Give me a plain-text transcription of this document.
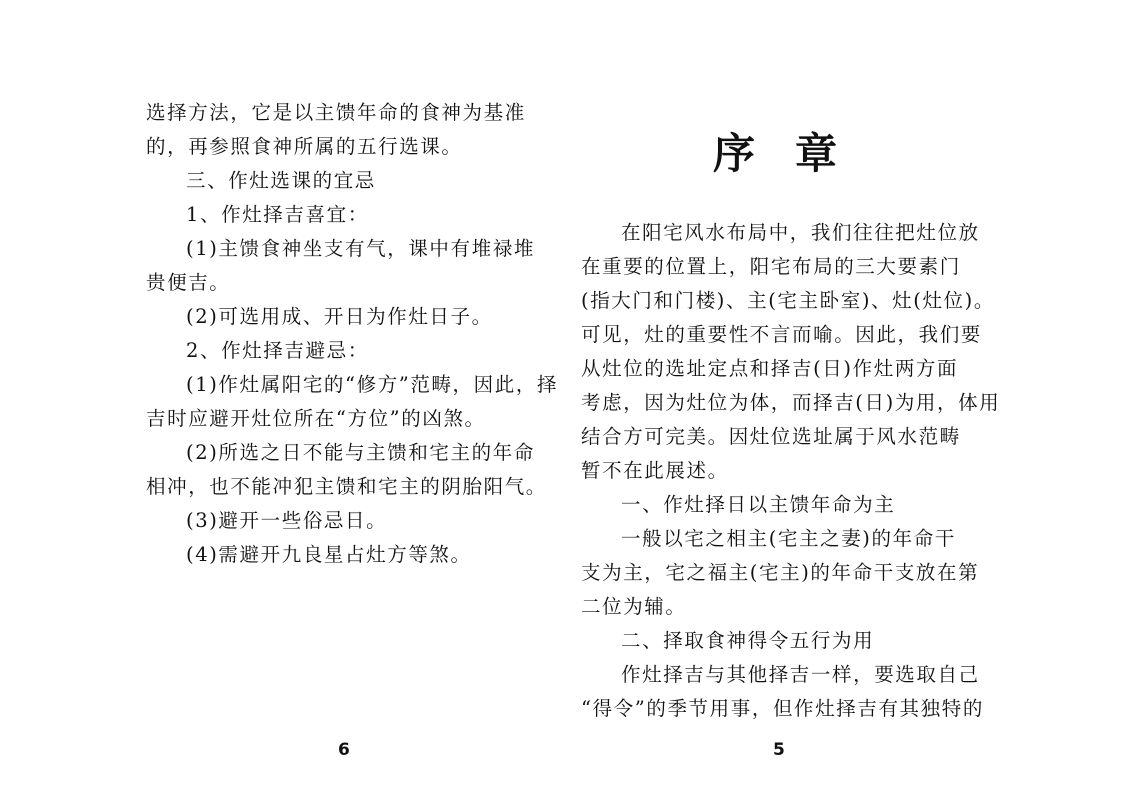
选择方法，它是以主馈年命的食神为基准
的，再参照食神所属的五行选课。
三、作灶选课的宜忌
1、作灶择吉喜宜：
(1)主馈食神坐支有气，课中有堆禄堆
贵便吉。
(2)可选用成、开日为作灶日子。
2、作灶择吉避忌：
(1)作灶属阳宅的“修方”范畴，因此，择
吉时应避开灶位所在“方位”的凶煞。
(2)所选之日不能与主馈和宅主的年命
相冲，也不能冲犯主馈和宅主的阴胎阳气。
(3)避开一些俗忌日。
(4)需避开九良星占灶方等煞。
6
序章
在阳宅风水布局中，我们往往把灶位放
在重要的位置上，阳宅布局的三大要素门
(指大门和门楼)、主(宅主卧室)、灶(灶位)。
可见，灶的重要性不言而喻。因此，我们要
从灶位的选址定点和择吉(日)作灶两方面
考虑，因为灶位为体，而择吉(日)为用，体用
结合方可完美。因灶位选址属于风水范畴
暂不在此展述。
一、作灶择日以主馈年命为主
一般以宅之相主(宅主之妻)的年命干
支为主，宅之福主(宅主)的年命干支放在第
二位为辅。
二、择取食神得令五行为用
作灶择吉与其他择吉一样，要选取自己
“得令”的季节用事，但作灶择吉有其独特的
5
